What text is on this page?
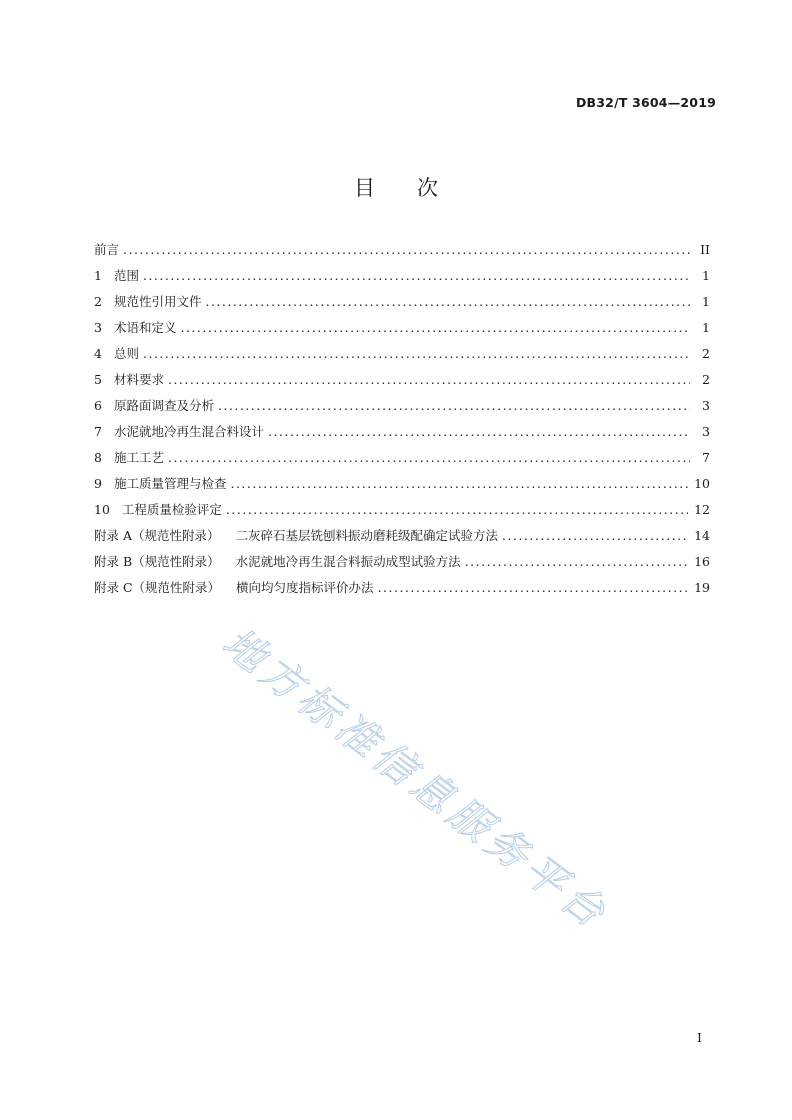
DB32/T 3604—2019
目次
前言 .....	II
1 范围 .....	1
2 规范性引用文件 .....	1
3 术语和定义 .....	1
4 总则 .....	2
5 材料要求 .....	2
6 原路面调查及分析 .....	3
7 水泥就地冷再生混合料设计 .....	3
8 施工工艺 .....	7
9 施工质量管理与检查 .....	10
10 工程质量检验评定 .....	12
附录 A（规范性附录） 二灰碎石基层铣刨料振动磨耗级配确定试验方法 .....	14
附录 B（规范性附录） 水泥就地冷再生混合料振动成型试验方法 .....	16
附录 C（规范性附录） 横向均匀度指标评价办法 .....	19
地方标准信息服务平台
I
